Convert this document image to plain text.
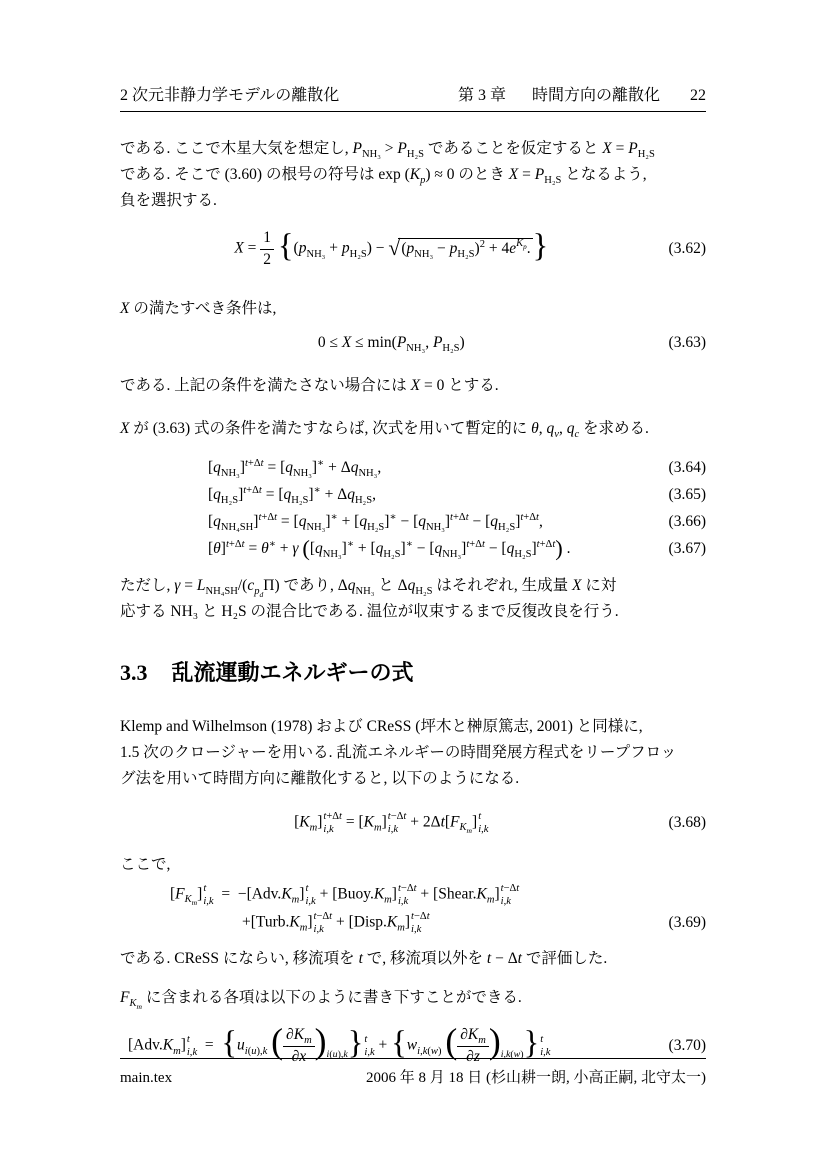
2 次元非静力学モデルの離散化	第 3 章 時間方向の離散化 22

である. ここで木星大気を想定し, $P_{NH_3} > P_{H_2S}$ であることを仮定すると $X = P_{H_2S}$
である. そこで (3.60) の根号の符号は $\exp (K_p) \approx 0$ のとき $X = P_{H_2S}$ となるよう,
負を選択する.

$X = \frac{1}{2} \{(p_{NH_3} + p_{H_2S}) - √(p_{NH_3} - p_{H_2S})^2 + 4e^{K_p}.\}$	(3.62)

X の満たすべき条件は,

$0 \le X \le \min(P_{NH_3}$, $P_{H_2S}$)	(3.63)

である. 上記の条件を満たさない場合には X = 0 とする.

X が (3.63) 式の条件を満たすならば, 次式を用いて暫定的に θ, $q_v$, $q_c$ を求める.

$[q_{NH_3}]^{t+\Delta t} = [q_{NH_3}]^∗ + \Delta q_{NH_3}$,	(3.64)
$[q_{H_2S}]^{t+\Delta t} = [q_{H_2S}]^∗ + \Delta q_{H_2S}$,	(3.65)
$[q_{NH_4SH}]^{t+\Delta t} = [q_{NH_3}]^∗ + [q_{H_2S}]^∗ - [q_{NH_3}]^{t+\Delta t} - [q_{H_2S}]^{t+\Delta t}$,	(3.66)
$[\theta]^{t+\Delta t} = \theta^∗ + \gamma$ $([q_{NH_3}]^∗ + [q_{H_2S}]^∗ - [q_{NH_3}]^{t+\Delta t} - [q_{H_2S}]^{t+\Delta t})$ .	(3.67)

ただし, $\gamma = L_{NH_4SH}/(c_{p_d}\Pi)$ であり, $\Delta q_{NH_3}$ と $\Delta q_{H_2S}$ はそれぞれ, 生成量 X に対
応する NH₃ と H₂S の混合比である. 温位が収束するまで反復改良を行う.

3.3 乱流運動エネルギーの式

Klemp and Wilhelmson (1978) および CReSS (坪木と榊原篤志, 2001) と同様に,
1.5 次のクロージャーを用いる. 乱流エネルギーの時間発展方程式をリープフロッ
グ法を用いて時間方向に離散化すると, 以下のようになる.

$[K_m]$ t+Δt
$i,k = [K_m]$ t−Δt
$i,k + 2\Delta t[F_{K_m}]$ t
i,k	(3.68)

ここで,

$[F_{K_m}]$ t
$i,k = -[Adv.K_m]$ t
$i,k + [Buoy.K_m]$ t−Δt
$i,k + [Shear.K_m]$ t−Δt
i,k
$+[Turb.K_m]$ t−Δt
$i,k + [Disp.K_m]$ t−Δt
i,k	(3.69)

である. CReSS にならい, 移流項を t で, 移流項以外を t − Δt で評価した.

$F_{K_m}$ に含まれる各項は以下のように書き下すことができる.

$[Adv.K_m]$ t
$i,k = \{u_{i(u),k}$ ( $\frac{\partial K_m}{\partial x} )_{i(u),k}$} t
$i,k + \{w_{i,k(w)}$ ( $\frac{\partial K_m}{\partial z} )_{i,k(w)}$} t
i,k	(3.70)
main.tex	2006 年 8 月 18 日 (杉山耕一朗, 小高正嗣, 北守太一)
